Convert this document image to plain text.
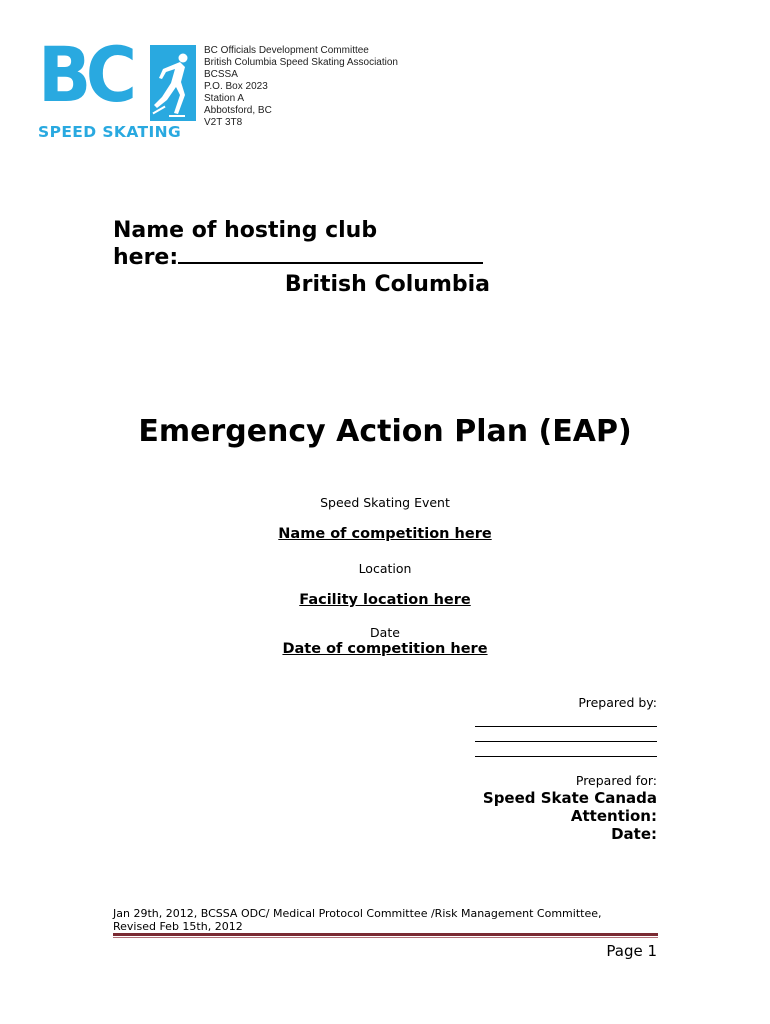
BC
SPEED SKATING
BC Officials Development Committee
British Columbia Speed Skating Association
BCSSA
P.O. Box 2023
Station A
Abbotsford, BC
V2T 3T8
Name of hosting club
here:
British Columbia
Emergency Action Plan (EAP)
Speed Skating Event
Name of competition here
Location
Facility location here
Date
Date of competition here
Prepared by:
Prepared for:
Speed Skate Canada
Attention:
Date:
Jan 29th, 2012, BCSSA ODC/ Medical Protocol Committee /Risk Management Committee,
Revised Feb 15th, 2012
Page 1
